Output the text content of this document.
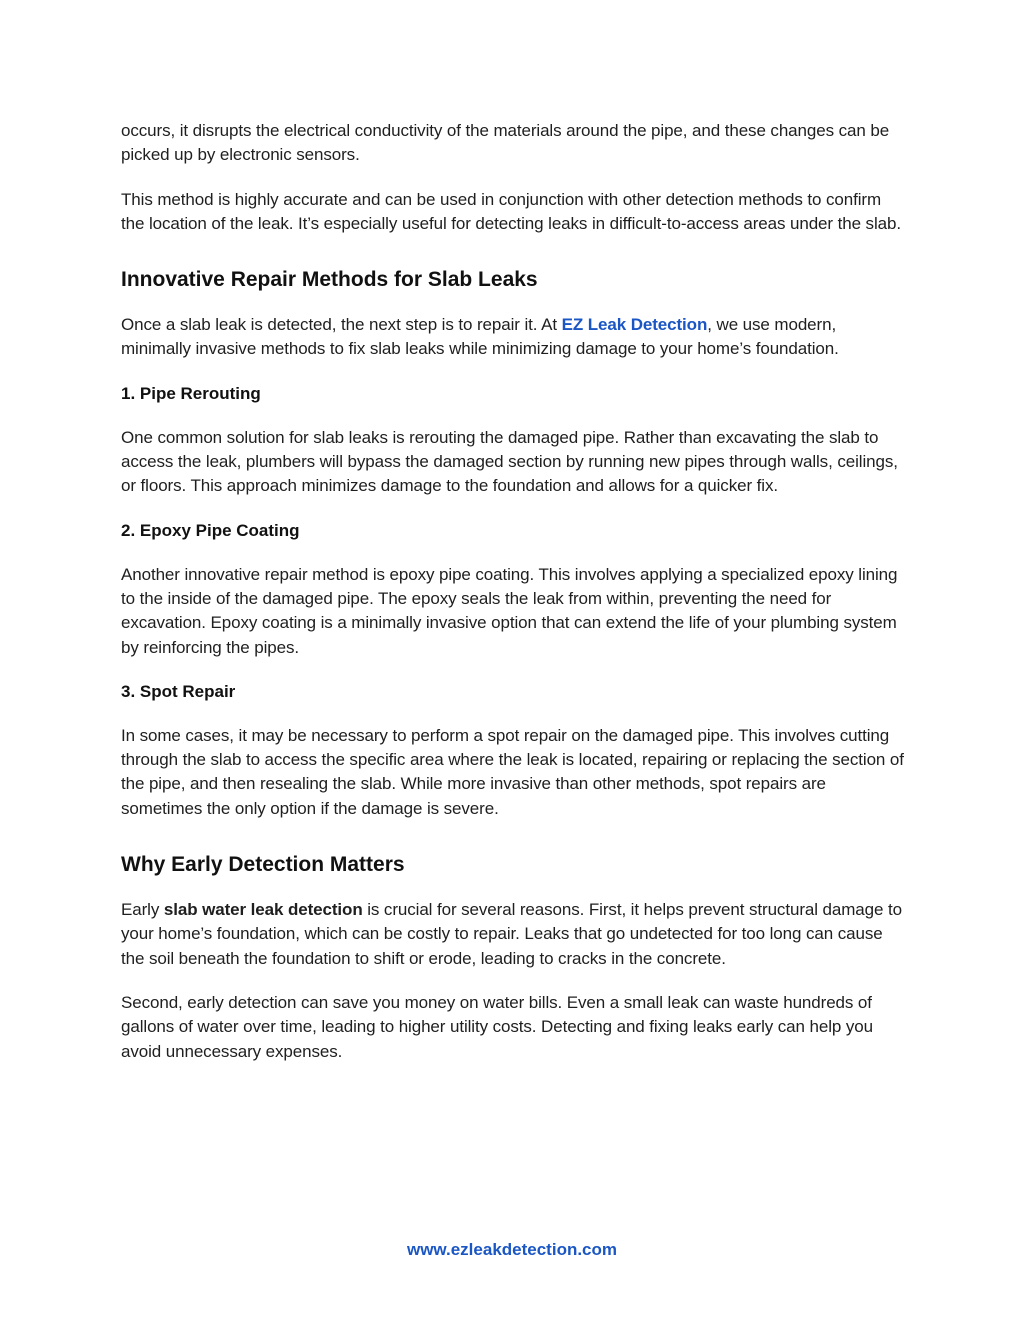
occurs, it disrupts the electrical conductivity of the materials around the pipe, and these changes can be picked up by electronic sensors.

This method is highly accurate and can be used in conjunction with other detection methods to confirm the location of the leak. It’s especially useful for detecting leaks in difficult-to-access areas under the slab.

Innovative Repair Methods for Slab Leaks

Once a slab leak is detected, the next step is to repair it. At EZ Leak Detection, we use modern, minimally invasive methods to fix slab leaks while minimizing damage to your home’s foundation.

1. Pipe Rerouting

One common solution for slab leaks is rerouting the damaged pipe. Rather than excavating the slab to access the leak, plumbers will bypass the damaged section by running new pipes through walls, ceilings, or floors. This approach minimizes damage to the foundation and allows for a quicker fix.

2. Epoxy Pipe Coating

Another innovative repair method is epoxy pipe coating. This involves applying a specialized epoxy lining to the inside of the damaged pipe. The epoxy seals the leak from within, preventing the need for excavation. Epoxy coating is a minimally invasive option that can extend the life of your plumbing system by reinforcing the pipes.

3. Spot Repair

In some cases, it may be necessary to perform a spot repair on the damaged pipe. This involves cutting through the slab to access the specific area where the leak is located, repairing or replacing the section of the pipe, and then resealing the slab. While more invasive than other methods, spot repairs are sometimes the only option if the damage is severe.

Why Early Detection Matters

Early slab water leak detection is crucial for several reasons. First, it helps prevent structural damage to your home’s foundation, which can be costly to repair. Leaks that go undetected for too long can cause the soil beneath the foundation to shift or erode, leading to cracks in the concrete.

Second, early detection can save you money on water bills. Even a small leak can waste hundreds of gallons of water over time, leading to higher utility costs. Detecting and fixing leaks early can help you avoid unnecessary expenses.

www.ezleakdetection.com
